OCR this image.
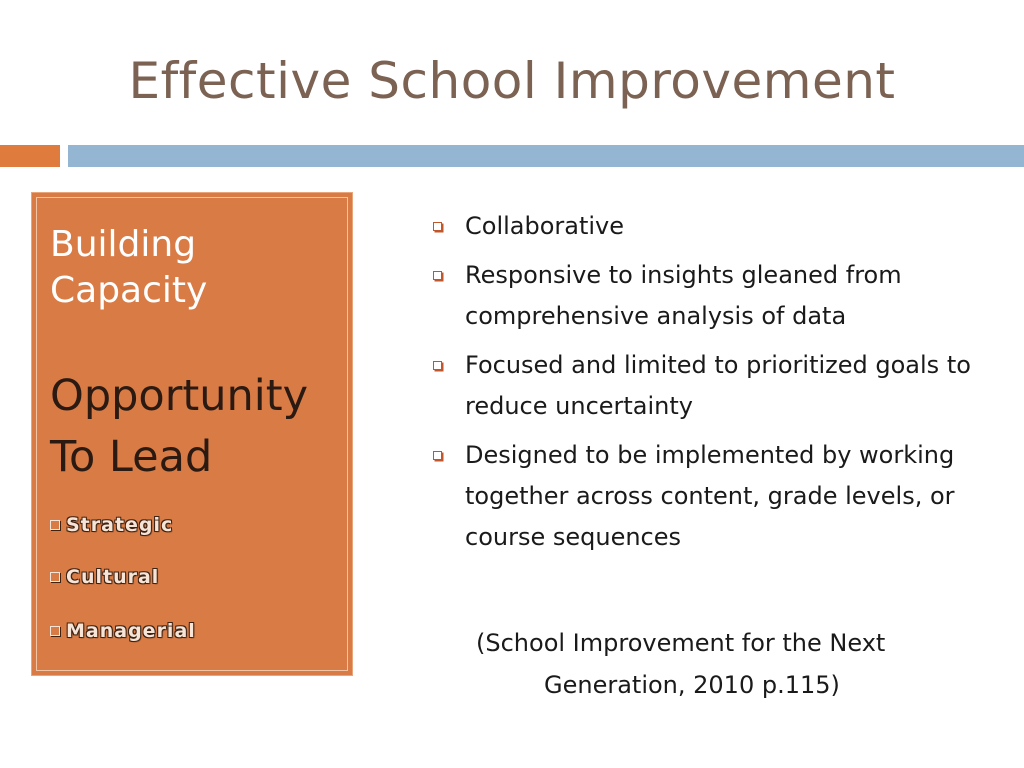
Effective School Improvement
Building
Capacity
Opportunity
To Lead
Strategic
Cultural
Managerial
Collaborative
Responsive to insights gleaned from comprehensive analysis of data
Focused and limited to prioritized goals to reduce uncertainty
Designed to be implemented by working together across content, grade levels, or course sequences
(School Improvement for the Next
Generation, 2010 p.115)
